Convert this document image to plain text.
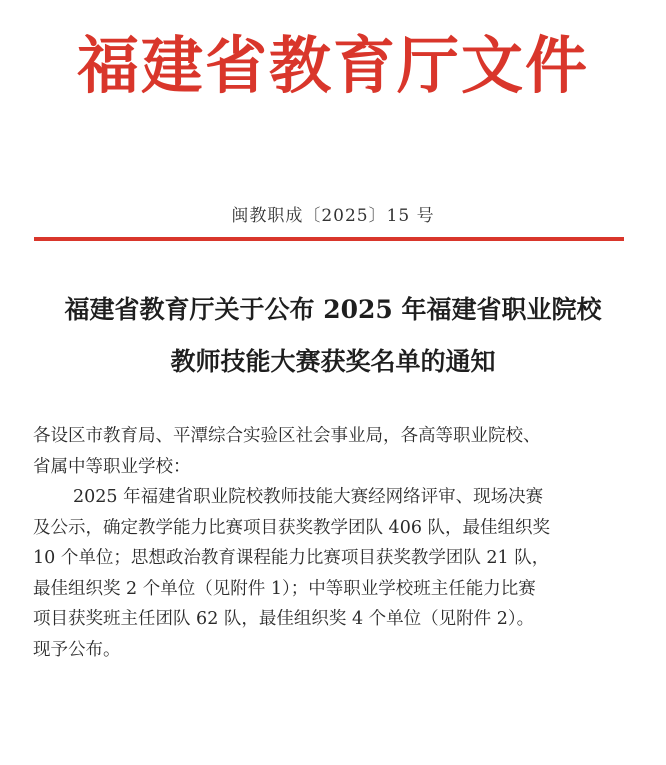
福建省教育厅文件
闽教职成〔2025〕15 号
福建省教育厅关于公布 2025 年福建省职业院校
教师技能大赛获奖名单的通知
各设区市教育局、平潭综合实验区社会事业局，各高等职业院校、
省属中等职业学校：
2025 年福建省职业院校教师技能大赛经网络评审、现场决赛
及公示，确定教学能力比赛项目获奖教学团队 406 队，最佳组织奖
10 个单位；思想政治教育课程能力比赛项目获奖教学团队 21 队，
最佳组织奖 2 个单位（见附件 1）；中等职业学校班主任能力比赛
项目获奖班主任团队 62 队，最佳组织奖 4 个单位（见附件 2）。
现予公布。
